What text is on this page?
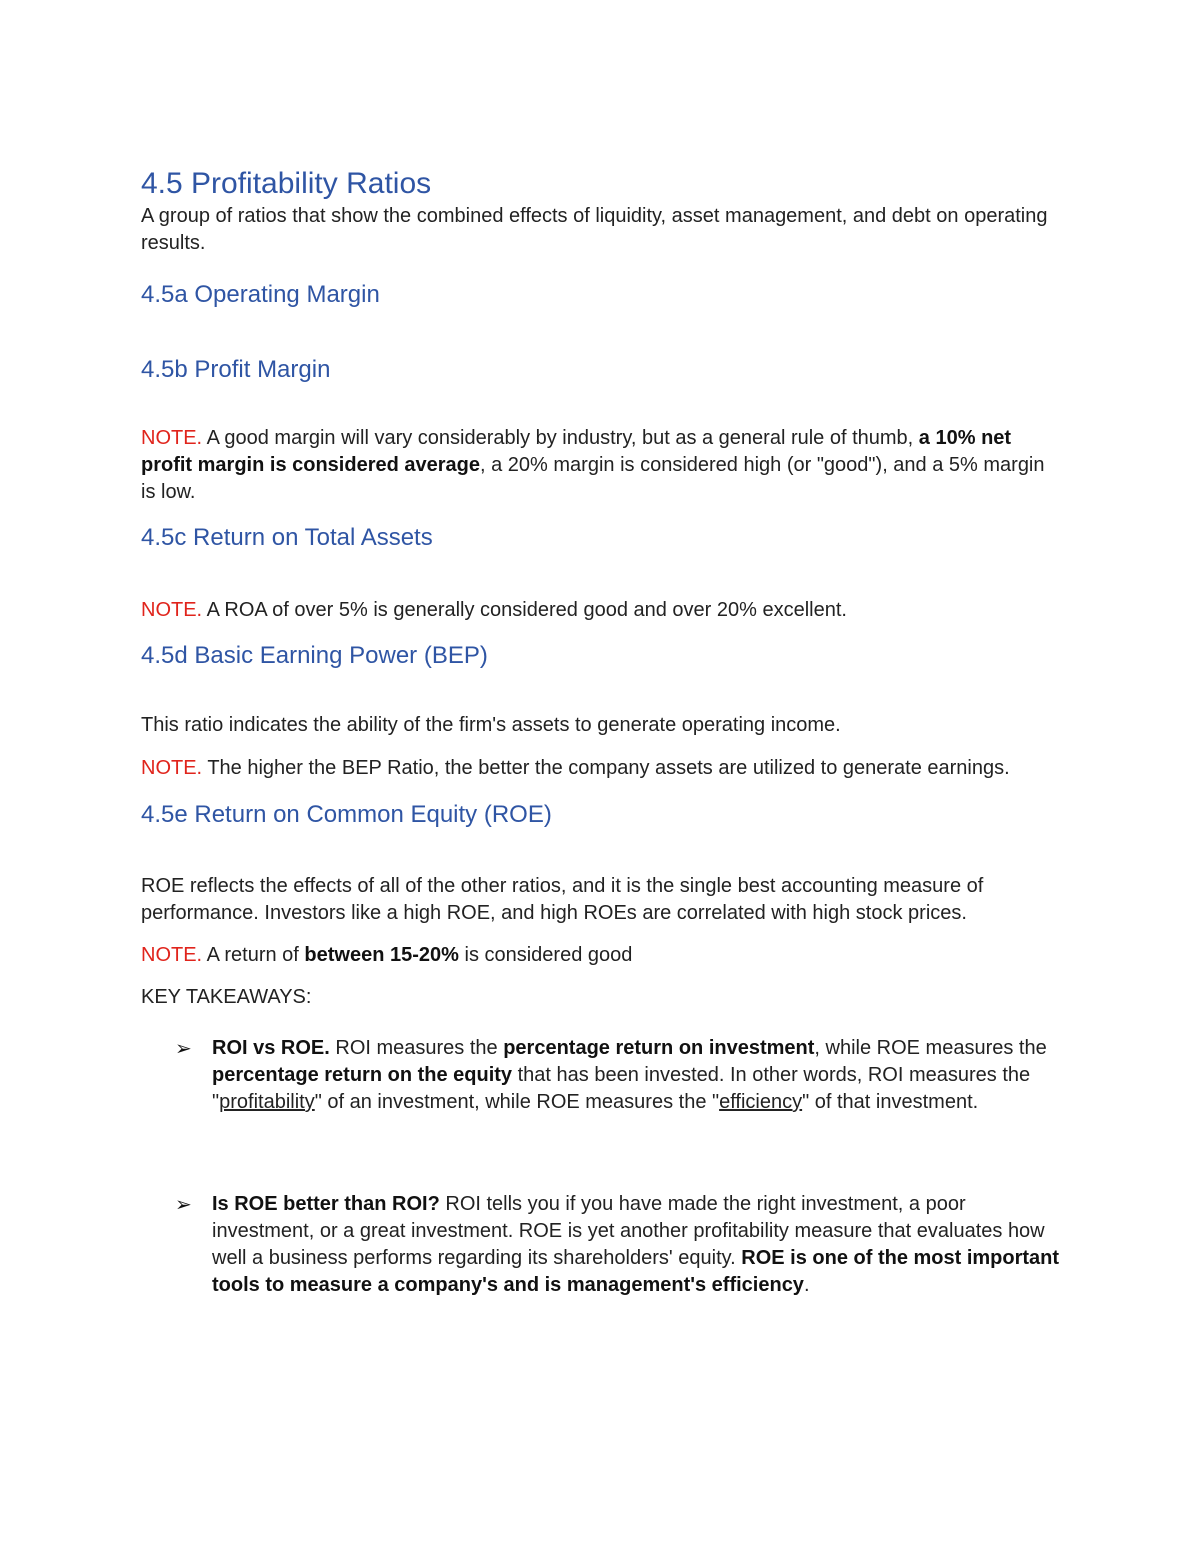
4.5 Profitability Ratios

A group of ratios that show the combined effects of liquidity, asset management, and debt on operating results.

4.5a Operating Margin
4.5b Profit Margin

NOTE. A good margin will vary considerably by industry, but as a general rule of thumb, a 10% net profit margin is considered average, a 20% margin is considered high (or "good"), and a 5% margin is low.

4.5c Return on Total Assets

NOTE. A ROA of over 5% is generally considered good and over 20% excellent.

4.5d Basic Earning Power (BEP)

This ratio indicates the ability of the firm's assets to generate operating income.

NOTE. The higher the BEP Ratio, the better the company assets are utilized to generate earnings.

4.5e Return on Common Equity (ROE)

ROE reflects the effects of all of the other ratios, and it is the single best accounting measure of performance. Investors like a high ROE, and high ROEs are correlated with high stock prices.

NOTE. A return of between 15-20% is considered good

KEY TAKEAWAYS:

➢ ROI vs ROE. ROI measures the percentage return on investment, while ROE measures the percentage return on the equity that has been invested. In other words, ROI measures the "profitability" of an investment, while ROE measures the "efficiency" of that investment.
➢ Is ROE better than ROI? ROI tells you if you have made the right investment, a poor investment, or a great investment. ROE is yet another profitability measure that evaluates how well a business performs regarding its shareholders' equity. ROE is one of the most important tools to measure a company's and is management's efficiency.
